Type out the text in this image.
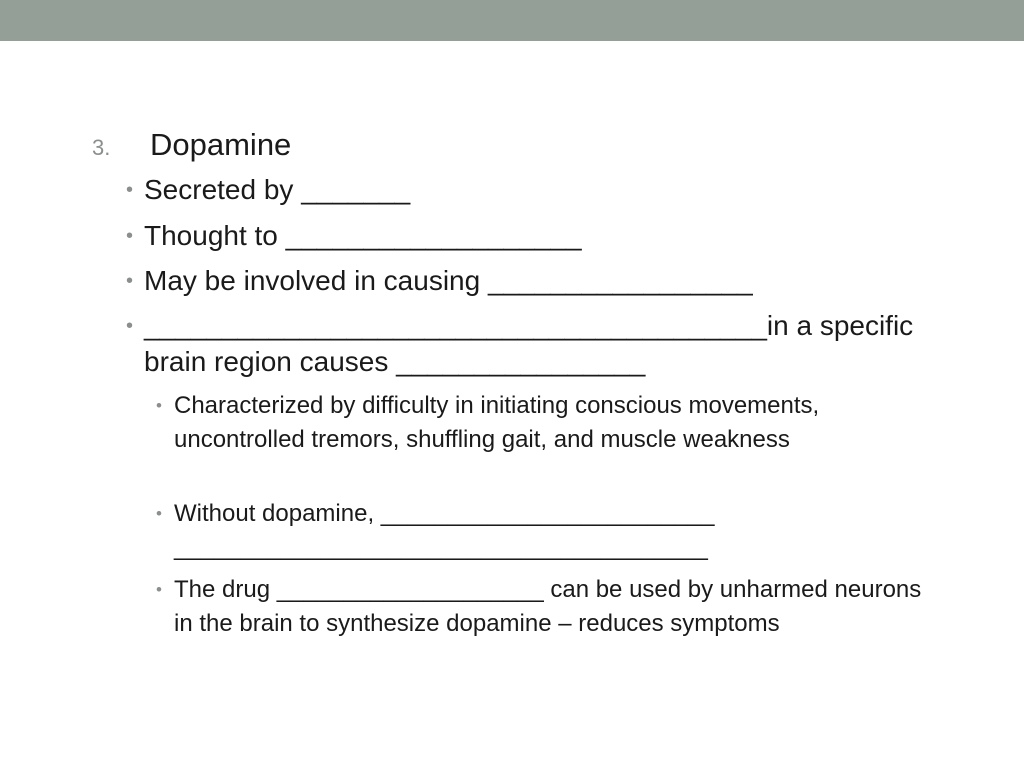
3.	Dopamine
• Secreted by _______
• Thought to ___________________
• May be involved in causing _________________
• ________________________________________in a specific brain region causes ________________
• Characterized by difficulty in initiating conscious movements, uncontrolled tremors, shuffling gait, and muscle weakness
• Without dopamine, _________________________ ________________________________________
• The drug ____________________ can be used by unharmed neurons in the brain to synthesize dopamine – reduces symptoms
